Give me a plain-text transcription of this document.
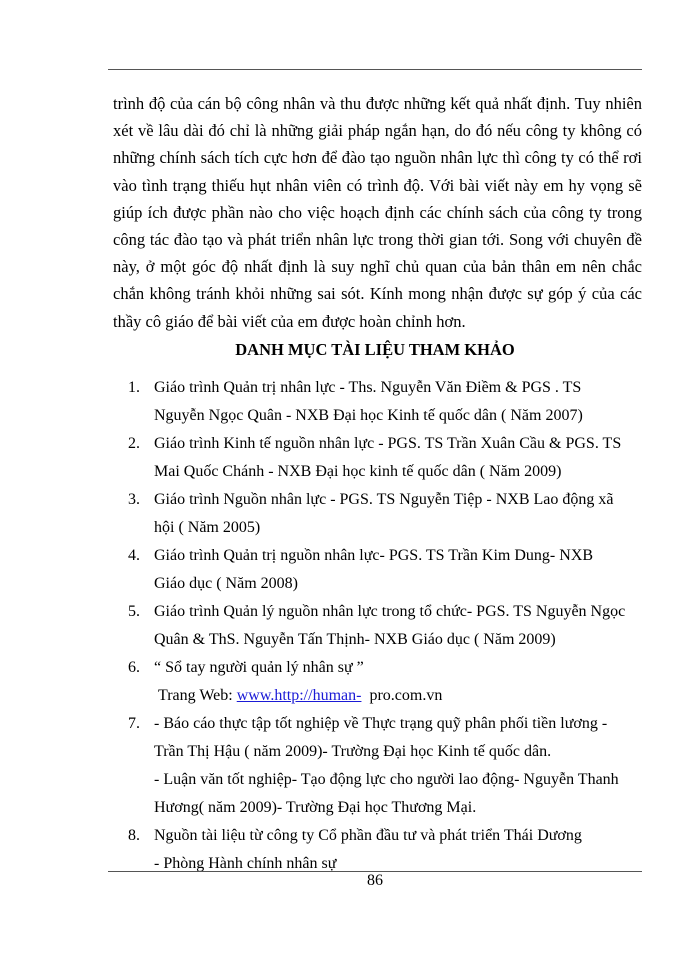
trình độ của cán bộ công nhân và thu được những kết quả nhất định. Tuy nhiên
xét về lâu dài đó chỉ là những giải pháp ngắn hạn, do đó nếu công ty không có
những chính sách tích cực hơn để đào tạo nguồn nhân lực thì công ty có thể rơi
vào tình trạng thiếu hụt nhân viên có trình độ. Với bài viết này em hy vọng sẽ
giúp ích được phần nào cho việc hoạch định các chính sách của công ty trong
công tác đào tạo và phát triển nhân lực trong thời gian tới. Song với chuyên đề
này, ở một góc độ nhất định là suy nghĩ chủ quan của bản thân em nên chắc
chắn không tránh khỏi những sai sót. Kính mong nhận được sự góp ý của các
thầy cô giáo để bài viết của em được hoàn chỉnh hơn.
DANH MỤC TÀI LIỆU THAM KHẢO
1. Giáo trình Quản trị nhân lực - Ths. Nguyễn Văn Điềm & PGS . TS
Nguyễn Ngọc Quân - NXB Đại học Kinh tế quốc dân ( Năm 2007)
2. Giáo trình Kinh tế nguồn nhân lực - PGS. TS Trần Xuân Cầu & PGS. TS
Mai Quốc Chánh - NXB Đại học kinh tế quốc dân ( Năm 2009)
3. Giáo trình Nguồn nhân lực - PGS. TS Nguyễn Tiệp - NXB Lao động xã
hội ( Năm 2005)
4. Giáo trình Quản trị nguồn nhân lực- PGS. TS Trần Kim Dung- NXB
Giáo dục ( Năm 2008)
5. Giáo trình Quản lý nguồn nhân lực trong tổ chức- PGS. TS Nguyễn Ngọc
Quân & ThS. Nguyễn Tấn Thịnh- NXB Giáo dục ( Năm 2009)
6. “ Sổ tay người quản lý nhân sự ”
Trang Web: www.http://human- pro.com.vn
7. - Báo cáo thực tập tốt nghiệp về Thực trạng quỹ phân phối tiền lương -
Trần Thị Hậu ( năm 2009)- Trường Đại học Kinh tế quốc dân.
- Luận văn tốt nghiệp- Tạo động lực cho người lao động- Nguyễn Thanh
Hương( năm 2009)- Trường Đại học Thương Mại.
8. Nguồn tài liệu từ công ty Cổ phần đầu tư và phát triển Thái Dương
- Phòng Hành chính nhân sự
86
